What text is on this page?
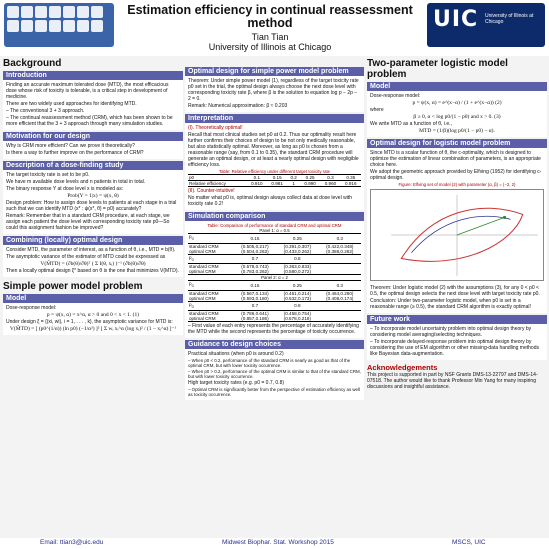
Estimation efficiency in continual reassessment method
Tian Tian
University of Illinois at Chicago
UIC University of Illinois at Chicago
Background
Introduction

Finding an accurate maximum tolerated dose (MTD), the most efficacious dose whose risk of toxicity is tolerable, is a critical step in development of medicine.

There are two widely used approaches for identifying MTD.

– The conventional 3 + 3 approach.

– The continual reassessment method (CRM), which has been shown to be more efficient that the 3 + 3 approach through many simulation studies.

Motivation for our design

Why is CRM more efficient? Can we prove it theoretically?

Is there a way to further improve on the performance of CRM?

Description of a dose-finding study

The target toxicity rate is set to be p0.

We have m available dose levels and n patients in total in total.

The binary response Y at dose level x is modeled as:

Prob(Y = 1|x) = ψ(x, θ)

Design problem: How to assign dose levels to patients at each stage in a trial such that we can identify MTD (x* : ψ(x*, θ) = p0) accurately?

Remark: Remember that in a standard CRM procedure, at each stage, we assign each patient the dose level with corresponding toxicity rate p0—So could this assignment fashion be improved?

Combining (locally) optimal design

Consider MTD, the parameter of interest, as a function of θ, i.e., MTD = b(θ).

The asymptotic variance of the estimator of MTD could be expressed as

V(M̂TD) = (∂b(θ)/∂θ)ᵀ ( Σ I(θ, xᵢ) )⁻¹ (∂b(θ)/∂θ)

Then a locally optimal design ξ* based on θ is the one that minimizes V(MTD).

Simple power model problem
Model

Dose-response model:

p = ψ(x, α) = x^α, α > 0 and 0 < x < 1. (1)

Under design ξ = {(xi, wi), i = 1, . . . , k}, the asymptotic variance for MTD is:

V(M̂TD) = [ (p0^(1/α)) (ln p0) (−1/α²) ]² [ Σ wᵢ xᵢ^α (log xᵢ)² / (1 − xᵢ^α) ]⁻¹
Optimal design for simple power model problem

Theorem: Under simple power model (1), regardless of the target toxicity rate p0 set in the trial, the optimal design always choose the next dose level with corresponding toxicity rate β, where β is the solution to equation log p − 2p − 2 = 0.

Remark: Numerical approximation: β ≈ 0.203

Interpretation

(I). Theoretically optimal!

Recall that most clinical studies set p0 at 0.2. Thus our optimality result here further confirms their choices of design to be not only medically reasonable, but also statistically optimal. Moreover, as long as p0 is chosen from a reasonable range (say, from 0.1 to 0.35), the standard CRM procedure will generate an optimal design, or at least a nearly optimal design with negligible efficiency loss.

Table: Relative efficiency under different target toxicity rate
p0	0.1	0.15	0.2	0.25	0.3	0.35
Relative efficiency	0.910	0.981	1	0.990	0.960	0.916

(II). Counter-intuitive!

No matter what p0 is, optimal design always collect data at dose level with toxicity rate 0.2!

Simulation comparison
Table: Comparison of performance of standard CRM and optimal CRM
Panel 1: α = 0.5
$p_0$	0.15	0.25	0.3
standard CRM	(0.505,0.217)	(0.391,0.307)	(0.422,0.348)
optimal CRM	(0.504,0.263)	(0.433,0.262)	(0.388,0.262)
$p_0$	0.7	0.8	
standard CRM	(0.578,0.743)	(0.363,0.833)	
optimal CRM	(0.783,0.262)	(0.580,0.272)	
Panel 2: α = 2
$p_0$	0.15	0.25	0.3
standard CRM	(0.567,0.134)	(0.461,0.214)	(0.464,0.260)
optimal CRM	(0.593,0.180)	(0.532,0.173)	(0.408,0.174)
$p_0$	0.7	0.8	
standard CRM	(0.786,0.641)	(0.458,0.754)	
optimal CRM	(0.857,0.186)	(0.578,0.218)	

– First value of each entry represents the percentage of accurately identifying the MTD while the second represents the percentage of toxicity occurrence.

Guidance to design choices

Practical situations (when p0 is around 0.2)

– When p0 < 0.2, performance of the standard CRM is nearly as good as that of the optimal CRM, but with lower toxicity occurrence.

– When p0 > 0.2, performance of the optimal CRM is similar to that of the standard CRM, but with lower toxicity occurrence.

High target toxicity rates (e.g. p0 = 0.7, 0.8)

– Optimal CRM is significantly better from the perspective of estimation efficiency as well as toxicity occurrence.

Two-parameter logistic model problem
Model

Dose-response model:

p = ψ(x, α) = e^(x−α) / (1 + e^(x−α)) (2)

where

β ≥ 0, α < log p0/(1 − p0) and x > 0. (3)

We write MTD as a function of θ, i.e.,

MTD = (1/β)(log p0/(1 − p0) − α).
Optimal design for logistic model problem

Since MTD is a scalar function of θ, the c-optimality, which is designed to optimize the estimation of linear combination of parameters, is an appropriate choice here.

We adopt the geometric approach provided by Elfving (1952) for identifying c-optimal design.

Figure: Elfving set of model (2) with parameter (α, β) = (−2, 2)

Theorem: Under logistic model (2) with the assumptions (3), for any 0 < p0 < 0.5, the optimal design selects the next dose level with target toxicity rate p0.

Conclusion: Under two-parameter logistic model, when p0 is set in a reasonable range (≥ 0.5), the standard CRM algorithm is exactly optimal!

Future work

– To incorporate model uncertainty problem into optimal design theory by considering model averaging/selecting techniques.

– To incorporate delayed-response problem into optimal design theory by considering the use of EM algorithm or other missing-data handling methods like Bayesian data-augmentation.

Acknowledgements
This project is supported in part by NSF Grants DMS-13-22797 and DMS-14-07518. The author would like to thank Professor Min Yang for many inspiring discussions and insightful assistance.
Email: ttian3@uic.edu	Midwest Biophar. Stat. Workshop 2015	MSCS, UIC
